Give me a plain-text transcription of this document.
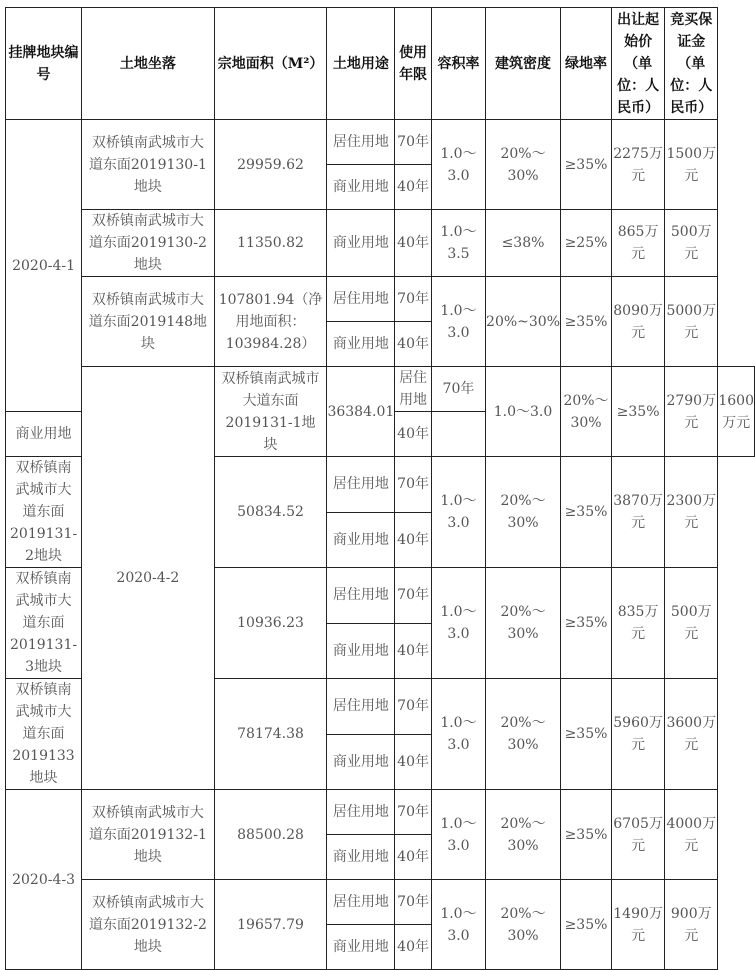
挂牌地块编号	土地坐落	宗地面积（M²）	土地用途	使用年限	容积率	建筑密度	绿地率	出让起始价（单位：人民币）	竞买保证金（单位：人民币）	
2020-4-1	双桥镇南武城市大道东面2019130-1地块	29959.62	居住用地	70年	1.0～3.0	20%～30%	≥35%	2275万元	1500万元	
			商业用地	40年						
	双桥镇南武城市大道东面2019130-2地块	11350.82	商业用地	40年	1.0～3.5	≤38%	≥25%	865万元	500万元	
	双桥镇南武城市大道东面2019148地块	107801.94（净用地面积：103984.28）	居住用地	70年	1.0～3.0	20%~30%	≥35%	8090万元	5000万元	
			商业用地	40年						
	2020-4-2	双桥镇南武城市大道东面2019131-1地块	36384.01	居住用地	70年	1.0～3.0	20%～30%	≥35%	2790万元	1600万元
商业用地				40年						
双桥镇南武城市大道东面2019131-2地块		50834.52	居住用地	70年	1.0～3.0	20%～30%	≥35%	3870万元	2300万元	
			商业用地	40年						
双桥镇南武城市大道东面2019131-3地块		10936.23	居住用地	70年	1.0～3.0	20%～30%	≥35%	835万元	500万元	
			商业用地	40年						
双桥镇南武城市大道东面2019133地块		78174.38	居住用地	70年	1.0～3.0	20%～30%	≥35%	5960万元	3600万元	
			商业用地	40年						
2020-4-3	双桥镇南武城市大道东面2019132-1地块	88500.28	居住用地	70年	1.0～3.0	20%～30%	≥35%	6705万元	4000万元	
			商业用地	40年						
	双桥镇南武城市大道东面2019132-2地块	19657.79	居住用地	70年	1.0～3.0	20%～30%	≥35%	1490万元	900万元	
			商业用地	40年						
